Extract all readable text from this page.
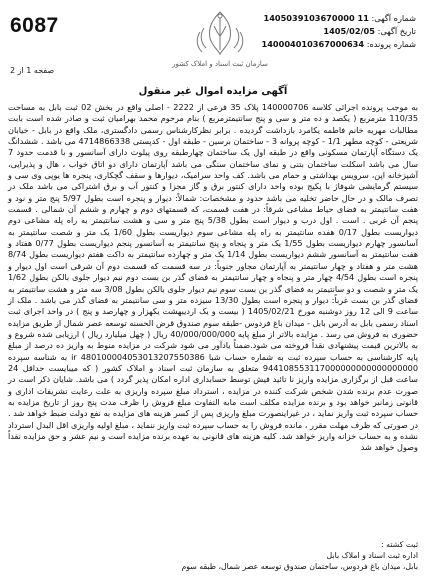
6087	شماره آگهی: 1405039103670000 11
تاریخ آگهی: 1405/02/05
شماره پرونده: 140004010367000634
سازمان ثبت اسناد و املاک کشور
صفحه 1 از 2
آگهی مزایده اموال غیر منقول

به موجب پرونده اجرائی کلاسه 140000706 پلاک 35 فرعی از 2222 - اصلی واقع در بخش 02 ثبت بابل به مساحت 110/35 مترمربع ( یکصد و ده متر و سی و پنج سانتیمترمربع ) بنام مرحوم محمد بهرامیان ثبت و صادر شده است بابت مطالبات مهریه خانم فاطمه یکامرد بازداشت گردیده . برابر نظرکارشناس رسمی دادگستری، ملک واقع در بابل - خیابان شریعتی - کوچه مطهر 1/1 - کوچه پروانه 3 - ساختمان برسین - طبقه اول - کدپستی 4714866338 می باشد . ششدانگ یک دستگاه آپارتمان مسکونی واقع در طبقه اول یک ساختمان چهارطبقه روی پیلوت دارای آسانسور و با قدمت حدود 7 سال می باشد اسکلت ساختمان بتنی و نمای ساختمان سنگی می باشد آپارتمان دارای دو اتاق خواب ، هال و پذیرایی، آشپزخانه اپن، سرویس بهداشتی و حمام می باشد. کف واحد سرامیک، دیوارها و سقف گچکاری، پنجره ها یوپی وی سی و سیستم گرمایشی شوفاژ با پکیج بوده واحد دارای کنتور برق و گاز مجزا و کنتور آب و برق اشتراکی می باشد ملک در تصرف مالک و در حال حاضر تخلیه می باشد حدود و مشخصات: شمالاً: دیوار و پنجره است بطول 5/97 پنج متر و نود و هفت سانتیمتر به فضای حیاط مشاعی شرقاً: در هفت قسمت، که قسمتهای دوم و چهارم و ششم آن شمالی . قسمت پنجم آن غربی . است . اول درب و دیوار است بطول 5/38 پنج متر و سی و هشت سانتیمتر به راه پله مشاعی دوم دیواریست بطول 0/17 هفده سانتیمتر به راه پله مشاعی سوم دیواریست بطول 1/60 یک متر و شصت سانتیمتر به آسانسور چهارم دیواریست بطول 1/55 یک متر و پنجاه و پنج سانتیمتر به آسانسور پنجم دیواریست بطول 0/77 هفتاد و هفت سانتیمتر به آسانسور ششم دیواریست بطول 1/14 یک متر و چهارده سانتیمتر به داکت هفتم دیواریست بطول 8/74 هشت متر و هفتاد و چهار سانتیمتر به آپارتمان مجاور جنوباً: در سه قسمت که قسمت دوم آن شرقی است اول دیوار و پنجره است بطول 4/54 چهار متر و پنجاه و چهار سانتیمتر به فضای گذر بن بست دوم نیم دیوار جلوی بالکن بطول 1/62 یک متر و شصت و دو سانتیمتر به فضای گذر بن بست سوم نیم دیوار جلوی بالکن بطول 3/08 سه متر و هشت سانتیمتر به فضای گذر بن بست غرباً: دیوار و پنجره است بطول 13/30 سیزده متر و سی سانتیمتر به فضای گذر می باشد . ملک از ساعت 9 الی 12 روز دوشنبه مورخ 1405/02/21 ( بیست و یک اردیبهشت یکهزار و چهارصد و پنج ) در واحد اجرای ثبت اسناد رسمی بابل به آدرس بابل - میدان باغ فردوس -طبقه سوم صندوق قرض الحسنه توسعه عصر شمال از طریق مزایده حضوری به فروش می رسد . مزایده بالاتر از مبلغ پایه 40/000/000/000 ریال ( چهل میلیارد ریال ) ارزیابی شده شروع و به بالاترین قیمت پیشنهادی نقداً فروخته می شود.ضمناً یادآور می شود شرکت در مزایده منوط به واریز ده درصد از مبلغ پایه کارشناسی به حساب سپرده ثبت به شماره حساب شبا ir 480100004053013207550386 به شناسه سپرده 944108553117000000000000000000 متعلق به سازمان ثبت اسناد و املاک کشور ( که میبایست حداقل 24 ساعت قبل از برگزاری مزایده واریز نا تائید فیش توسط حسابداری اداره امکان پذیر گردد ) می باشد. شایان ذکر است در صورت عدم برنده شدن شخص شرکت کننده در مزایده ، استرداد مبلغ سپرده واریزی به علت رعایت تشریفات اداری و قانونی زمانبر خواهد بود و برنده مزایده مکلف است مابه التفاوت مبلغ فروش را ظرف مدت پنج روز از تاریخ مزایده به حساب سپرده ثبت واریز نماید ، در غیراینصورت مبلغ واریزی پس از کسر هزینه های مزایده به نفع دولت ضبط خواهد شد . در صورتی که ظرف مهلت مقرر ، مانده فروش را به حساب سپرده ثبت واریز ننماید ، مبلغ اولیه واریزی اقل البدل استرداد نشده و به حساب خزانه واریز خواهد شد. کلیه هزینه های قانونی به عهده برنده مزایده است و نیم عشر و حق مزایده نقداً وصول خواهد شد

ثبت کشته :
اداره ثبت اسناد و املاک بابل
بابل، میدان باغ فردوس، ساختمان صندوق توسعه عصر شمال، طبقه سوم
